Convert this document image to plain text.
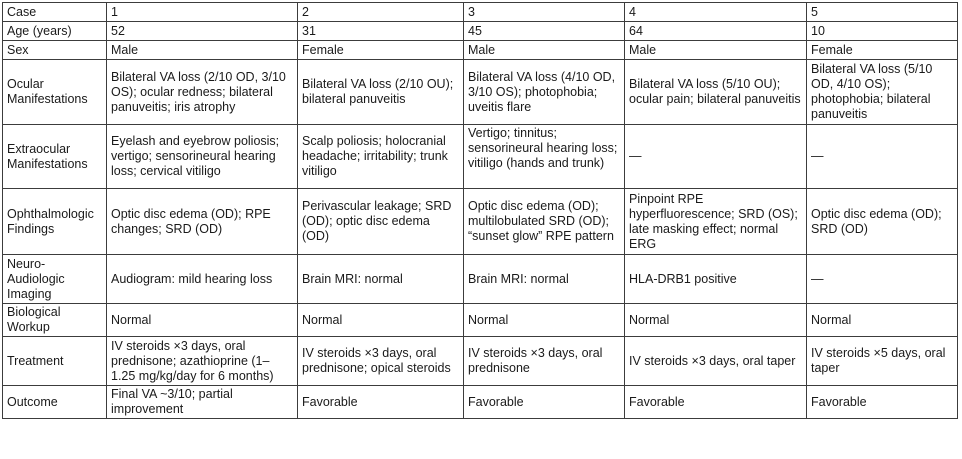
Case	1	2	3	4	5
Age (years)	52	31	45	64	10
Sex	Male	Female	Male	Male	Female
Ocular Manifestations	Bilateral VA loss (2/10 OD, 3/10 OS); ocular redness; bilateral panuveitis; iris atrophy	Bilateral VA loss (2/10 OU); bilateral panuveitis	Bilateral VA loss (4/10 OD, 3/10 OS); photophobia; uveitis flare	Bilateral VA loss (5/10 OU); ocular pain; bilateral panuveitis	Bilateral VA loss (5/10 OD, 4/10 OS); photophobia; bilateral panuveitis
Extraocular Manifestations	Eyelash and eyebrow poliosis; vertigo; sensorineural hearing loss; cervical vitiligo	Scalp poliosis; holocranial headache; irritability; trunk vitiligo	Vertigo; tinnitus; sensorineural hearing loss; vitiligo (hands and trunk)	—	—
Ophthalmologic Findings	Optic disc edema (OD); RPE changes; SRD (OD)	Perivascular leakage; SRD (OD); optic disc edema (OD)	Optic disc edema (OD); multilobulated SRD (OD); “sunset glow” RPE pattern	Pinpoint RPE hyperfluorescence; SRD (OS); late masking effect; normal ERG	Optic disc edema (OD); SRD (OD)
Neuro-Audiologic Imaging	Audiogram: mild hearing loss	Brain MRI: normal	Brain MRI: normal	HLA-DRB1 positive	—
Biological Workup	Normal	Normal	Normal	Normal	Normal
Treatment	IV steroids ×3 days, oral prednisone; azathioprine (1–1.25 mg/kg/day for 6 months)	IV steroids ×3 days, oral prednisone; opical steroids	IV steroids ×3 days, oral prednisone	IV steroids ×3 days, oral taper	IV steroids ×5 days, oral taper
Outcome	Final VA ~3/10; partial improvement	Favorable	Favorable	Favorable	Favorable
